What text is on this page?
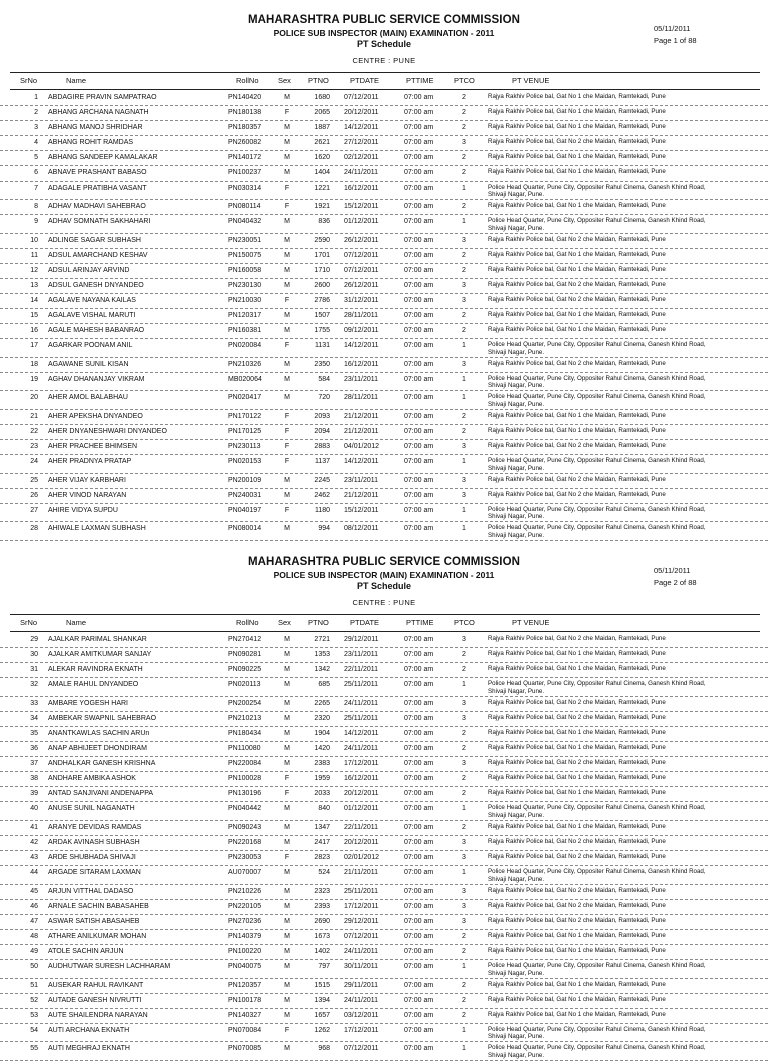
MAHARASHTRA PUBLIC SERVICE COMMISSION
POLICE SUB INSPECTOR (MAIN) EXAMINATION - 2011
PT Schedule
CENTRE : PUNE
05/11/2011
Page 1 of 88
SrNo	Name	RollNo	Sex PTNO	PTDATE	PTTIME	PTCO	PT VENUE
1 ABDAGIRE PRAVIN SAMPATRAO	PN140420	M	1680 07/12/2011	07:00 am	2	Rajya Rakhiv Police bal, Gat No 1 che Maidan, Ramtekadi, Pune
2 ABHANG ARCHANA NAGNATH	PN180138	F	2065 20/12/2011	07:00 am	2	Rajya Rakhiv Police bal, Gat No 1 che Maidan, Ramtekadi, Pune
3 ABHANG MANOJ SHRIDHAR	PN180357	M	1887 14/12/2011	07:00 am	2	Rajya Rakhiv Police bal, Gat No 1 che Maidan, Ramtekadi, Pune
4 ABHANG ROHIT RAMDAS	PN260082	M	2621 27/12/2011	07:00 am	3	Rajya Rakhiv Police bal, Gat No 2 che Maidan, Ramtekadi, Pune
5 ABHANG SANDEEP KAMALAKAR	PN140172	M	1620 02/12/2011	07:00 am	2	Rajya Rakhiv Police bal, Gat No 1 che Maidan, Ramtekadi, Pune
6 ABNAVE PRASHANT BABASO	PN100237	M	1404 24/11/2011	07:00 am	2	Rajya Rakhiv Police bal, Gat No 1 che Maidan, Ramtekadi, Pune
7 ADAGALE PRATIBHA VASANT	PN030314	F	1221 16/12/2011	07:00 am	1	Police Head Quarter, Pune City, Oppositer Rahul Cinema, Ganesh Khind Road, Shivaji Nagar, Pune.
8 ADHAV MADHAVI SAHEBRAO	PN080114	F	1921 15/12/2011	07:00 am	2	Rajya Rakhiv Police bal, Gat No 1 che Maidan, Ramtekadi, Pune
9 ADHAV SOMNATH SAKHAHARI	PN040432	M	836 01/12/2011	07:00 am	1	Police Head Quarter, Pune City, Oppositer Rahul Cinema, Ganesh Khind Road, Shivaji Nagar, Pune.
10 ADLINGE SAGAR SUBHASH	PN230051	M	2590 26/12/2011	07:00 am	3	Rajya Rakhiv Police bal, Gat No 2 che Maidan, Ramtekadi, Pune
11 ADSUL AMARCHAND KESHAV	PN150075	M	1701 07/12/2011	07:00 am	2	Rajya Rakhiv Police bal, Gat No 1 che Maidan, Ramtekadi, Pune
12 ADSUL ARINJAY ARVIND	PN160058	M	1710 07/12/2011	07:00 am	2	Rajya Rakhiv Police bal, Gat No 1 che Maidan, Ramtekadi, Pune
13 ADSUL GANESH DNYANDEO	PN230130	M	2600 26/12/2011	07:00 am	3	Rajya Rakhiv Police bal, Gat No 2 che Maidan, Ramtekadi, Pune
14 AGALAVE NAYANA KAILAS	PN210030	F	2786 31/12/2011	07:00 am	3	Rajya Rakhiv Police bal, Gat No 2 che Maidan, Ramtekadi, Pune
15 AGALAVE VISHAL MARUTI	PN120317	M	1507 28/11/2011	07:00 am	2	Rajya Rakhiv Police bal, Gat No 1 che Maidan, Ramtekadi, Pune
16 AGALE MAHESH BABANRAO	PN160381	M	1755 09/12/2011	07:00 am	2	Rajya Rakhiv Police bal, Gat No 1 che Maidan, Ramtekadi, Pune
17 AGARKAR POONAM ANIL	PN020084	F	1131 14/12/2011	07:00 am	1	Police Head Quarter, Pune City, Oppositer Rahul Cinema, Ganesh Khind Road, Shivaji Nagar, Pune.
18 AGAWANE SUNIL KISAN	PN210326	M	2350 16/12/2011	07:00 am	3	Rajya Rakhiv Police bal, Gat No 2 che Maidan, Ramtekadi, Pune
19 AGHAV DHANANJAY VIKRAM	MB020064	M	584 23/11/2011	07:00 am	1	Police Head Quarter, Pune City, Oppositer Rahul Cinema, Ganesh Khind Road, Shivaji Nagar, Pune.
20 AHER AMOL BALABHAU	PN020417	M	720 28/11/2011	07:00 am	1	Police Head Quarter, Pune City, Oppositer Rahul Cinema, Ganesh Khind Road, Shivaji Nagar, Pune.
21 AHER APEKSHA DNYANDEO	PN170122	F	2093 21/12/2011	07:00 am	2	Rajya Rakhiv Police bal, Gat No 1 che Maidan, Ramtekadi, Pune
22 AHER DNYANESHWARI DNYANDEO	PN170125	F	2094 21/12/2011	07:00 am	2	Rajya Rakhiv Police bal, Gat No 1 che Maidan, Ramtekadi, Pune
23 AHER PRACHEE BHIMSEN	PN230113	F	2883 04/01/2012	07:00 am	3	Rajya Rakhiv Police bal, Gat No 2 che Maidan, Ramtekadi, Pune
24 AHER PRADNYA PRATAP	PN020153	F	1137 14/12/2011	07:00 am	1	Police Head Quarter, Pune City, Oppositer Rahul Cinema, Ganesh Khind Road, Shivaji Nagar, Pune.
25 AHER VIJAY KARBHARI	PN200109	M	2245 23/11/2011	07:00 am	3	Rajya Rakhiv Police bal, Gat No 2 che Maidan, Ramtekadi, Pune
26 AHER VINOD NARAYAN	PN240031	M	2462 21/12/2011	07:00 am	3	Rajya Rakhiv Police bal, Gat No 2 che Maidan, Ramtekadi, Pune
27 AHIRE VIDYA SUPDU	PN040197	F	1180 15/12/2011	07:00 am	1	Police Head Quarter, Pune City, Oppositer Rahul Cinema, Ganesh Khind Road, Shivaji Nagar, Pune.
28 AHIWALE LAXMAN SUBHASH	PN080014	M	994 08/12/2011	07:00 am	1	Police Head Quarter, Pune City, Oppositer Rahul Cinema, Ganesh Khind Road, Shivaji Nagar, Pune.
MAHARASHTRA PUBLIC SERVICE COMMISSION
POLICE SUB INSPECTOR (MAIN) EXAMINATION - 2011
PT Schedule
CENTRE : PUNE
05/11/2011
Page 2 of 88
SrNo	Name	RollNo	Sex PTNO	PTDATE	PTTIME	PTCO	PT VENUE
29 AJALKAR PARIMAL SHANKAR	PN270412	M	2721 29/12/2011	07:00 am	3	Rajya Rakhiv Police bal, Gat No 2 che Maidan, Ramtekadi, Pune
30 AJALKAR AMITKUMAR SANJAY	PN090281	M	1353 23/11/2011	07:00 am	2	Rajya Rakhiv Police bal, Gat No 1 che Maidan, Ramtekadi, Pune
31 ALEKAR RAVINDRA EKNATH	PN090225	M	1342 22/11/2011	07:00 am	2	Rajya Rakhiv Police bal, Gat No 1 che Maidan, Ramtekadi, Pune
32 AMALE RAHUL DNYANDEO	PN020113	M	685 25/11/2011	07:00 am	1	Police Head Quarter, Pune City, Oppositer Rahul Cinema, Ganesh Khind Road, Shivaji Nagar, Pune.
33 AMBARE YOGESH HARI	PN200254	M	2265 24/11/2011	07:00 am	3	Rajya Rakhiv Police bal, Gat No 2 che Maidan, Ramtekadi, Pune
34 AMBEKAR SWAPNIL SAHEBRAO	PN210213	M	2320 25/11/2011	07:00 am	3	Rajya Rakhiv Police bal, Gat No 2 che Maidan, Ramtekadi, Pune
35 ANANTKAWLAS SACHIN ARUn	PN180434	M	1904 14/12/2011	07:00 am	2	Rajya Rakhiv Police bal, Gat No 1 che Maidan, Ramtekadi, Pune
36 ANAP ABHIJEET DHONDIRAM	PN110080	M	1420 24/11/2011	07:00 am	2	Rajya Rakhiv Police bal, Gat No 1 che Maidan, Ramtekadi, Pune
37 ANDHALKAR GANESH KRISHNA	PN220084	M	2383 17/12/2011	07:00 am	3	Rajya Rakhiv Police bal, Gat No 2 che Maidan, Ramtekadi, Pune
38 ANDHARE AMBIKA ASHOK	PN100028	F	1959 16/12/2011	07:00 am	2	Rajya Rakhiv Police bal, Gat No 1 che Maidan, Ramtekadi, Pune
39 ANTAD SANJIVANI ANDENAPPA	PN130196	F	2033 20/12/2011	07:00 am	2	Rajya Rakhiv Police bal, Gat No 1 che Maidan, Ramtekadi, Pune
40 ANUSE SUNIL NAGANATH	PN040442	M	840 01/12/2011	07:00 am	1	Police Head Quarter, Pune City, Oppositer Rahul Cinema, Ganesh Khind Road, Shivaji Nagar, Pune.
41 ARANYE DEVIDAS RAMDAS	PN090243	M	1347 22/11/2011	07:00 am	2	Rajya Rakhiv Police bal, Gat No 1 che Maidan, Ramtekadi, Pune
42 ARDAK AVINASH SUBHASH	PN220168	M	2417 20/12/2011	07:00 am	3	Rajya Rakhiv Police bal, Gat No 2 che Maidan, Ramtekadi, Pune
43 ARDE SHUBHADA SHIVAJI	PN230053	F	2823 02/01/2012	07:00 am	3	Rajya Rakhiv Police bal, Gat No 2 che Maidan, Ramtekadi, Pune
44 ARGADE SITARAM LAXMAN	AU070007	M	524 21/11/2011	07:00 am	1	Police Head Quarter, Pune City, Oppositer Rahul Cinema, Ganesh Khind Road, Shivaji Nagar, Pune.
45 ARJUN VITTHAL DADASO	PN210226	M	2323 25/11/2011	07:00 am	3	Rajya Rakhiv Police bal, Gat No 2 che Maidan, Ramtekadi, Pune
46 ARNALE SACHIN BABASAHEB	PN220105	M	2393 17/12/2011	07:00 am	3	Rajya Rakhiv Police bal, Gat No 2 che Maidan, Ramtekadi, Pune
47 ASWAR SATISH ABASAHEB	PN270236	M	2690 29/12/2011	07:00 am	3	Rajya Rakhiv Police bal, Gat No 2 che Maidan, Ramtekadi, Pune
48 ATHARE ANILKUMAR MOHAN	PN140379	M	1673 07/12/2011	07:00 am	2	Rajya Rakhiv Police bal, Gat No 1 che Maidan, Ramtekadi, Pune
49 ATOLE SACHIN ARJUN	PN100220	M	1402 24/11/2011	07:00 am	2	Rajya Rakhiv Police bal, Gat No 1 che Maidan, Ramtekadi, Pune
50 AUDHUTWAR SURESH LACHHARAM	PN040075	M	797 30/11/2011	07:00 am	1	Police Head Quarter, Pune City, Oppositer Rahul Cinema, Ganesh Khind Road, Shivaji Nagar, Pune.
51 AUSEKAR RAHUL RAVIKANT	PN120357	M	1515 29/11/2011	07:00 am	2	Rajya Rakhiv Police bal, Gat No 1 che Maidan, Ramtekadi, Pune
52 AUTADE GANESH NIVRUTTI	PN100178	M	1394 24/11/2011	07:00 am	2	Rajya Rakhiv Police bal, Gat No 1 che Maidan, Ramtekadi, Pune
53 AUTE SHAILENDRA NARAYAN	PN140327	M	1657 03/12/2011	07:00 am	2	Rajya Rakhiv Police bal, Gat No 1 che Maidan, Ramtekadi, Pune
54 AUTI ARCHANA EKNATH	PN070084	F	1262 17/12/2011	07:00 am	1	Police Head Quarter, Pune City, Oppositer Rahul Cinema, Ganesh Khind Road, Shivaji Nagar, Pune.
55 AUTI MEGHRAJ EKNATH	PN070085	M	968 07/12/2011	07:00 am	1	Police Head Quarter, Pune City, Oppositer Rahul Cinema, Ganesh Khind Road, Shivaji Nagar, Pune.
